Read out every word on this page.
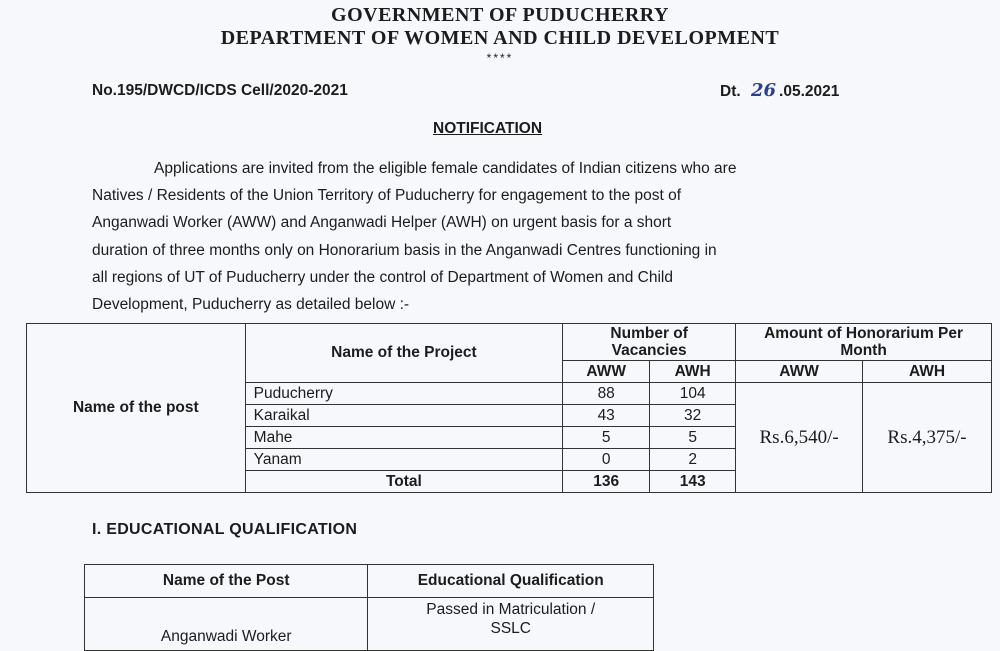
GOVERNMENT OF PUDUCHERRY
DEPARTMENT OF WOMEN AND CHILD DEVELOPMENT
****
No.195/DWCD/ICDS Cell/2020-2021	Dt. 26 .05.2021
NOTIFICATION
Applications are invited from the eligible female candidates of Indian citizens who are
Natives / Residents of the Union Territory of Puducherry for engagement to the post of
Anganwadi Worker (AWW) and Anganwadi Helper (AWH) on urgent basis for a short
duration of three months only on Honorarium basis in the Anganwadi Centres functioning in
all regions of UT of Puducherry under the control of Department of Women and Child
Development, Puducherry as detailed below :-
Name of the post	Name of the Project	Number of Vacancies		Amount of Honorarium Per Month	
		AWW	AWH	AWW	AWH
	Puducherry	88	104	Rs.6,540/-	Rs.4,375/-
	Karaikal	43	32		
	Mahe	5	5		
	Yanam	0	2		
	Total	136	143		
I. EDUCATIONAL QUALIFICATION
Name of the Post	Educational Qualification
Anganwadi Worker	Passed in Matriculation /
SSLC
